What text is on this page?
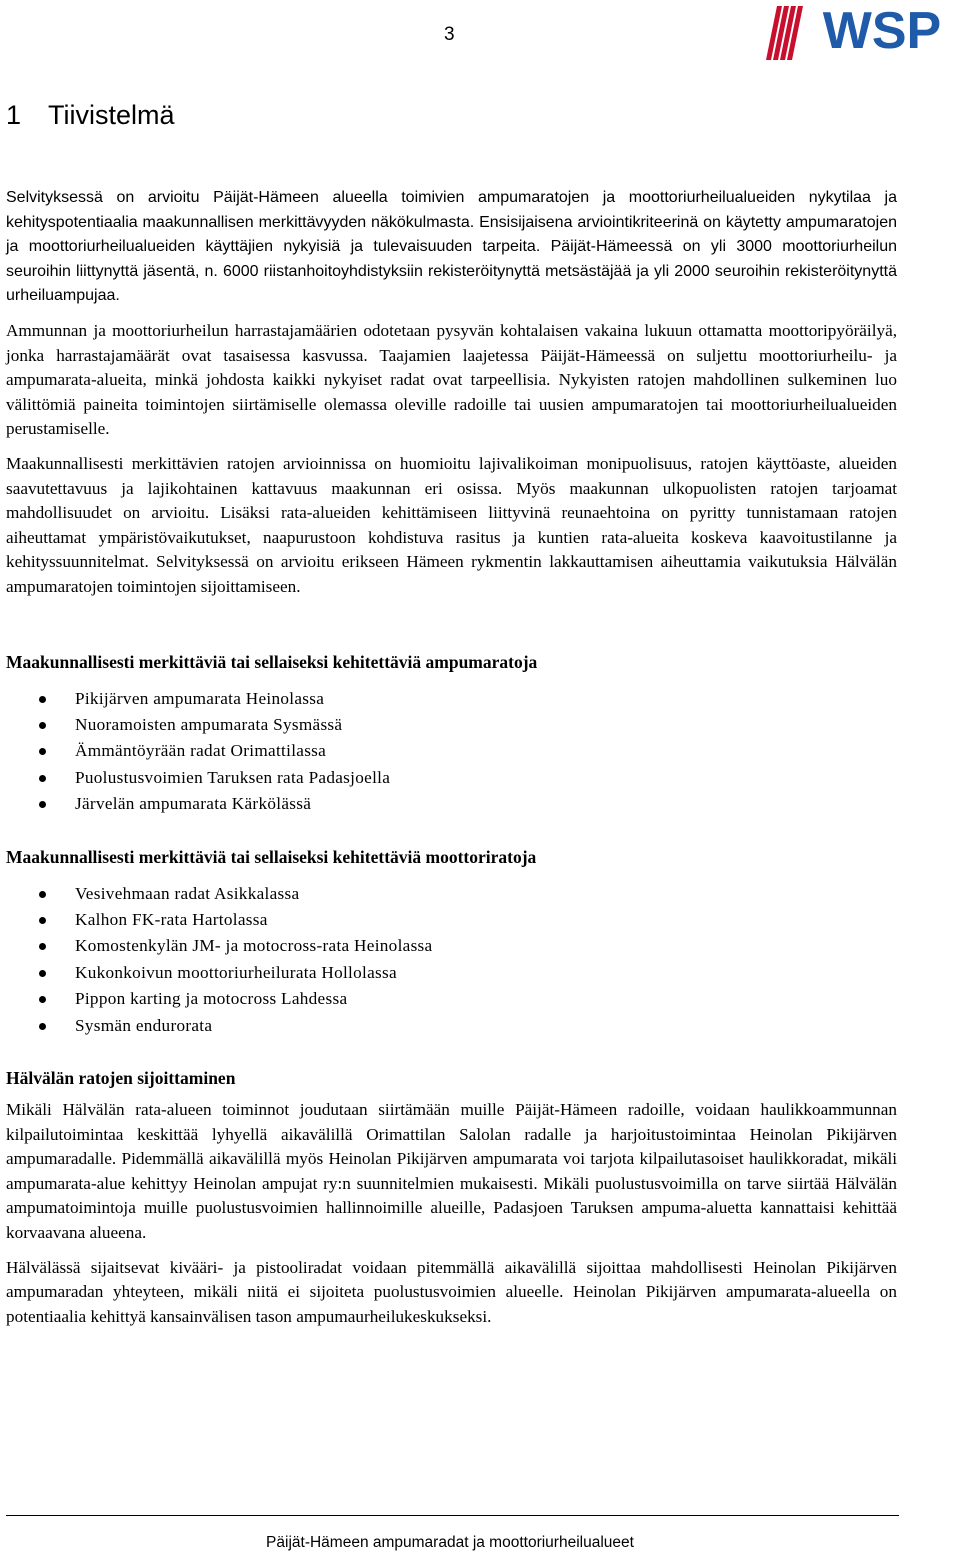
3	WSP
1 Tiivistelmä

Selvityksessä on arvioitu Päijät-Hämeen alueella toimivien ampumaratojen ja moottoriurheilualueiden nykytilaa ja kehityspotentiaalia maakunnallisen merkittävyyden näkökulmasta. Ensisijaisena arviointikriteerinä on käytetty ampumaratojen ja moottoriurheilualueiden käyttäjien nykyisiä ja tulevaisuuden tarpeita. Päijät-Hämeessä on yli 3000 moottoriurheilun seuroihin liittynyttä jäsentä, n. 6000 riistanhoitoyhdistyksiin rekisteröitynyttä metsästäjää ja yli 2000 seuroihin rekisteröitynyttä urheiluampujaa.

Ammunnan ja moottoriurheilun harrastajamäärien odotetaan pysyvän kohtalaisen vakaina lukuun ottamatta moottoripyöräilyä, jonka harrastajamäärät ovat tasaisessa kasvussa. Taajamien laajetessa Päijät-Hämeessä on suljettu moottoriurheilu- ja ampumarata-alueita, minkä johdosta kaikki nykyiset radat ovat tarpeellisia. Nykyisten ratojen mahdollinen sulkeminen luo välittömiä paineita toimintojen siirtämiselle olemassa oleville radoille tai uusien ampumaratojen tai moottoriurheilualueiden perustamiselle.

Maakunnallisesti merkittävien ratojen arvioinnissa on huomioitu lajivalikoiman monipuolisuus, ratojen käyttöaste, alueiden saavutettavuus ja lajikohtainen kattavuus maakunnan eri osissa. Myös maakunnan ulkopuolisten ratojen tarjoamat mahdollisuudet on arvioitu. Lisäksi rata-alueiden kehittämiseen liittyvinä reunaehtoina on pyritty tunnistamaan ratojen aiheuttamat ympäristövaikutukset, naapurustoon kohdistuva rasitus ja kuntien rata-alueita koskeva kaavoitustilanne ja kehityssuunnitelmat. Selvityksessä on arvioitu erikseen Hämeen rykmentin lakkauttamisen aiheuttamia vaikutuksia Hälvälän ampumaratojen toimintojen sijoittamiseen.

Maakunnallisesti merkittäviä tai sellaiseksi kehitettäviä ampumaratoja
Pikijärven ampumarata Heinolassa
Nuoramoisten ampumarata Sysmässä
Ämmäntöyrään radat Orimattilassa
Puolustusvoimien Taruksen rata Padasjoella
Järvelän ampumarata Kärkölässä
Maakunnallisesti merkittäviä tai sellaiseksi kehitettäviä moottoriratoja
Vesivehmaan radat Asikkalassa
Kalhon FK-rata Hartolassa
Komostenkylän JM- ja motocross-rata Heinolassa
Kukonkoivun moottoriurheilurata Hollolassa
Pippon karting ja motocross Lahdessa
Sysmän endurorata
Hälvälän ratojen sijoittaminen

Mikäli Hälvälän rata-alueen toiminnot joudutaan siirtämään muille Päijät-Hämeen radoille, voidaan haulikkoammunnan kilpailutoimintaa keskittää lyhyellä aikavälillä Orimattilan Salolan radalle ja harjoitustoimintaa Heinolan Pikijärven ampumaradalle. Pidemmällä aikavälillä myös Heinolan Pikijärven ampumarata voi tarjota kilpailutasoiset haulikkoradat, mikäli ampumarata-alue kehittyy Heinolan ampujat ry:n suunnitelmien mukaisesti. Mikäli puolustusvoimilla on tarve siirtää Hälvälän ampumatoimintoja muille puolustusvoimien hallinnoimille alueille, Padasjoen Taruksen ampuma-aluetta kannattaisi kehittää korvaavana alueena.

Hälvälässä sijaitsevat kivääri- ja pistooliradat voidaan pitemmällä aikavälillä sijoittaa mahdollisesti Heinolan Pikijärven ampumaradan yhteyteen, mikäli niitä ei sijoiteta puolustusvoimien alueelle. Heinolan Pikijärven ampumarata-alueella on potentiaalia kehittyä kansainvälisen tason ampumaurheilukeskukseksi.

Päijät-Hämeen ampumaradat ja moottoriurheilualueet
